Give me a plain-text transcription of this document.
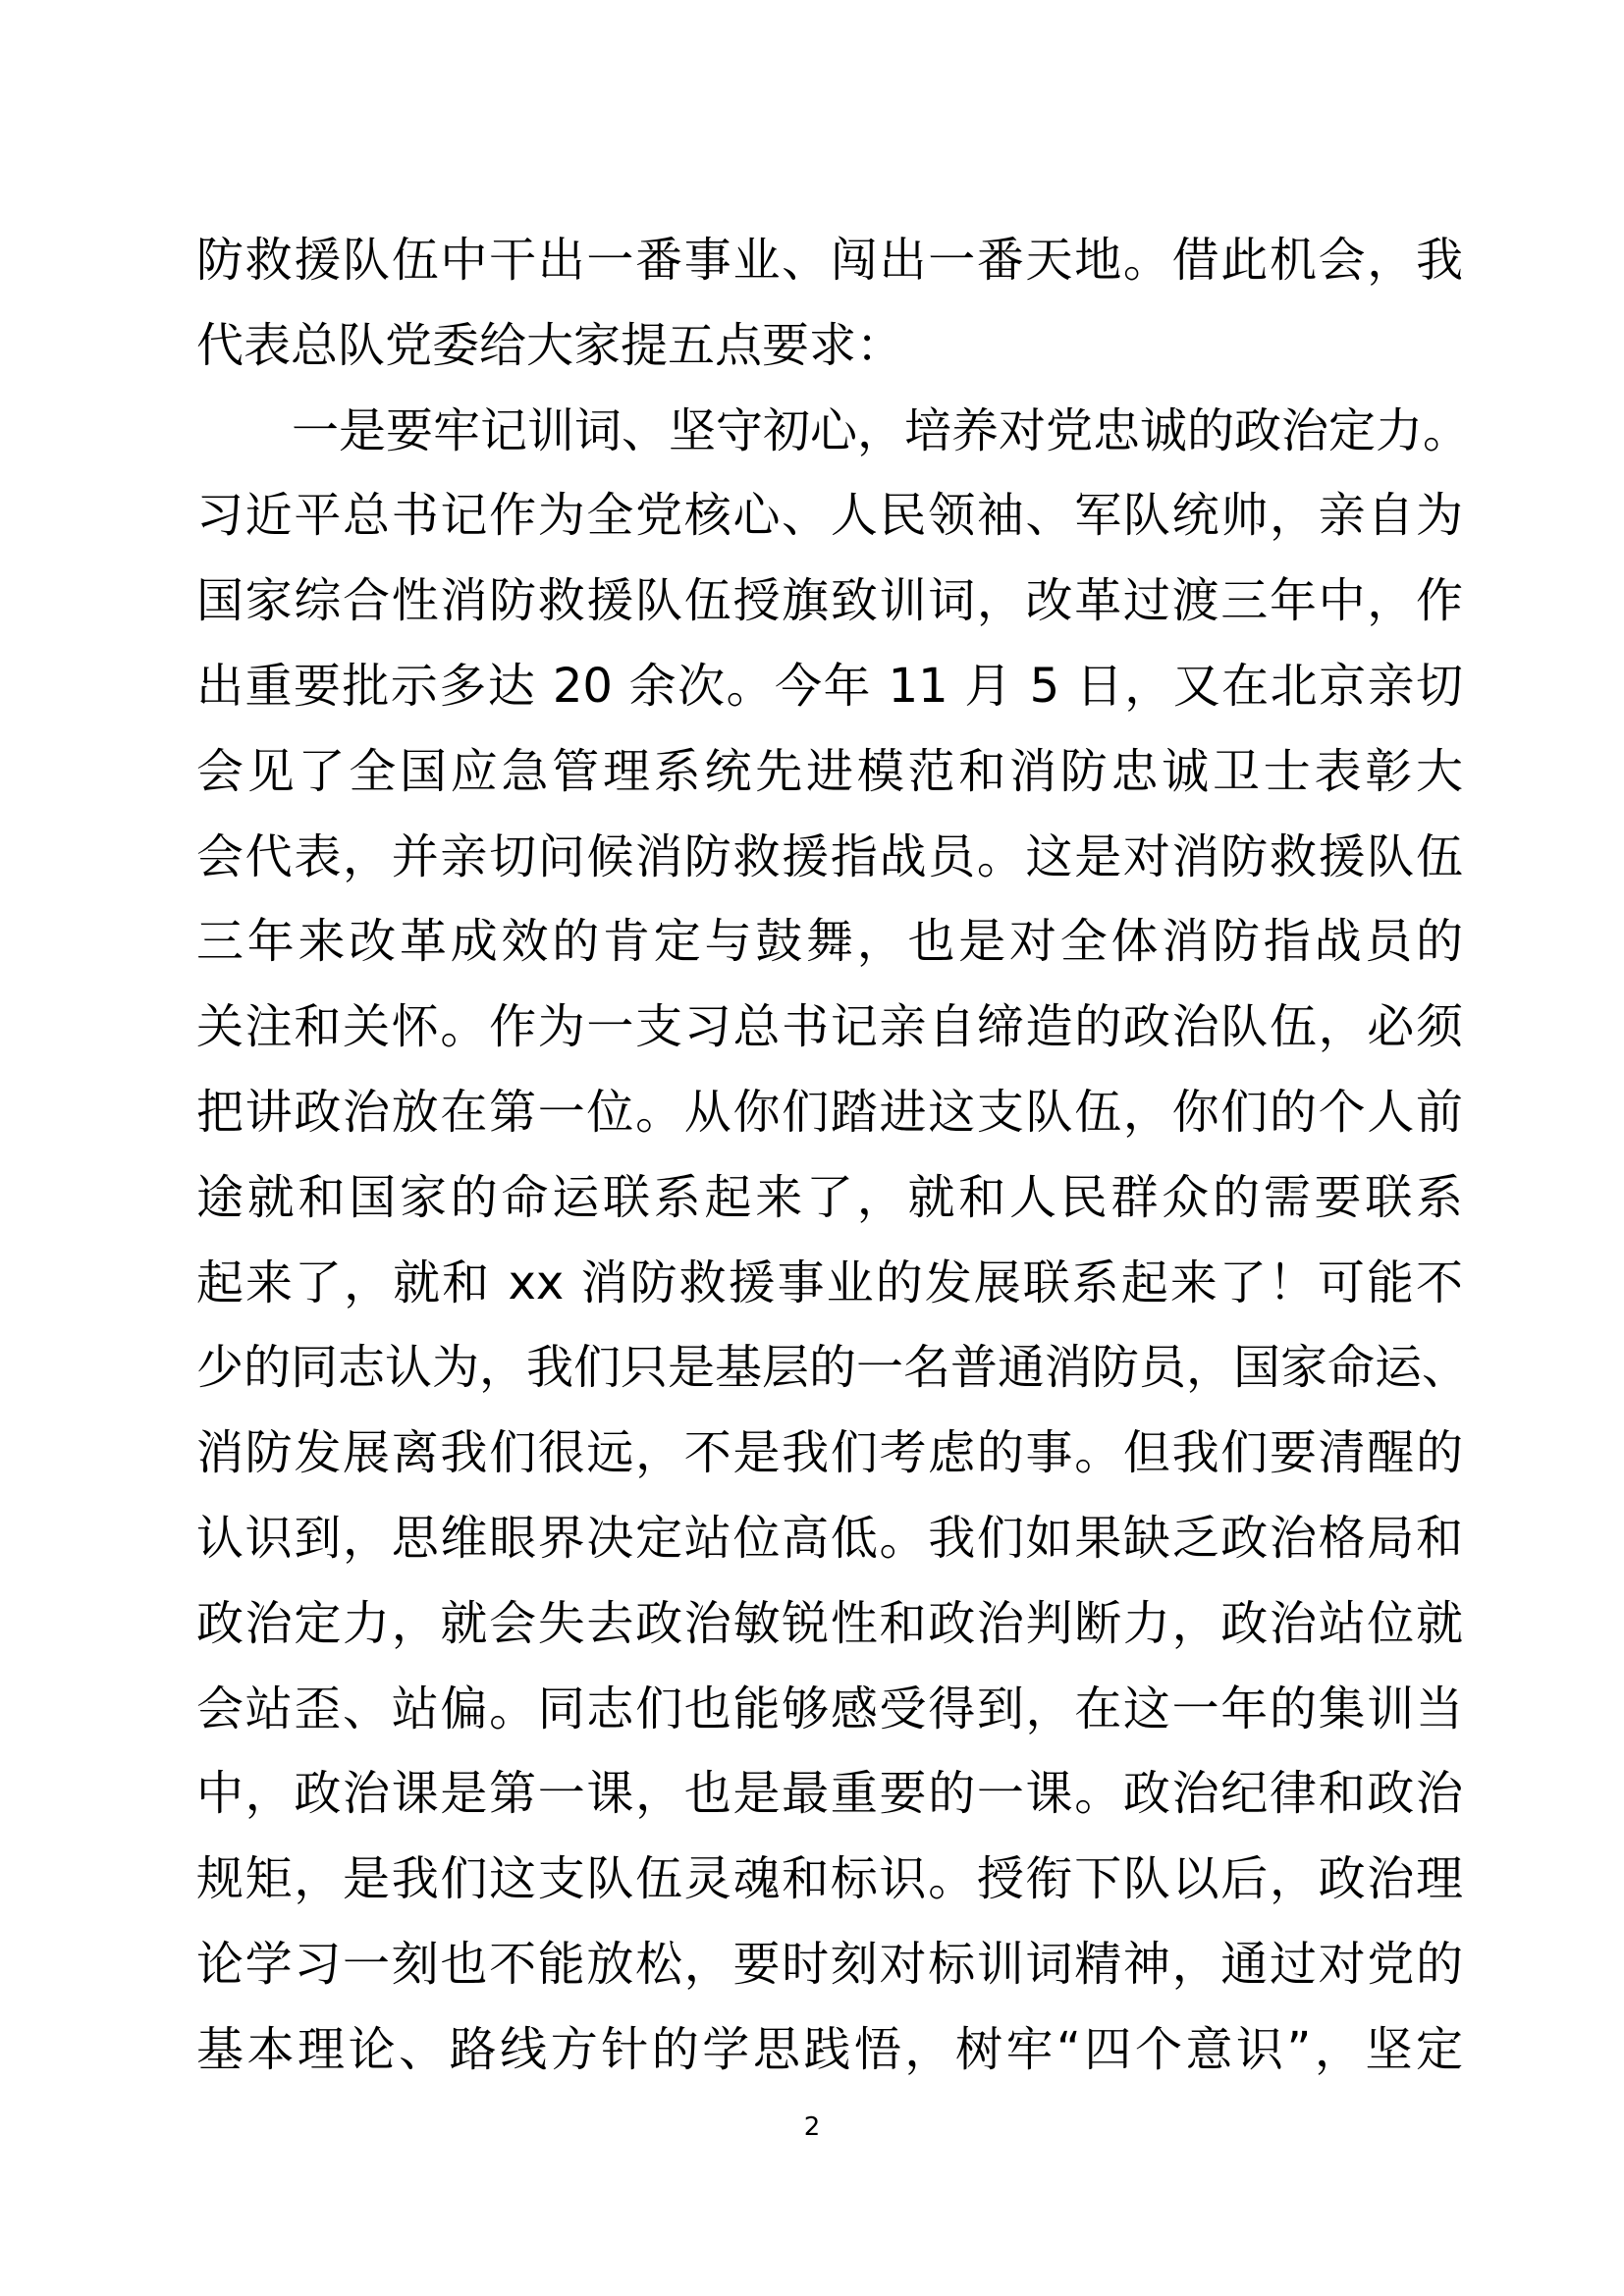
防救援队伍中干出一番事业、闯出一番天地。借此机会，我
代表总队党委给大家提五点要求：
一是要牢记训词、坚守初心，培养对党忠诚的政治定力。
习近平总书记作为全党核心、人民领袖、军队统帅，亲自为
国家综合性消防救援队伍授旗致训词，改革过渡三年中，作
出重要批示多达 20 余次。今年 11 月 5 日，又在北京亲切
会见了全国应急管理系统先进模范和消防忠诚卫士表彰大
会代表，并亲切问候消防救援指战员。这是对消防救援队伍
三年来改革成效的肯定与鼓舞，也是对全体消防指战员的
关注和关怀。作为一支习总书记亲自缔造的政治队伍，必须
把讲政治放在第一位。从你们踏进这支队伍，你们的个人前
途就和国家的命运联系起来了，就和人民群众的需要联系
起来了，就和 xx 消防救援事业的发展联系起来了！可能不
少的同志认为，我们只是基层的一名普通消防员，国家命运、
消防发展离我们很远，不是我们考虑的事。但我们要清醒的
认识到，思维眼界决定站位高低。我们如果缺乏政治格局和
政治定力，就会失去政治敏锐性和政治判断力，政治站位就
会站歪、站偏。同志们也能够感受得到，在这一年的集训当
中，政治课是第一课，也是最重要的一课。政治纪律和政治
规矩，是我们这支队伍灵魂和标识。授衔下队以后，政治理
论学习一刻也不能放松，要时刻对标训词精神，通过对党的
基本理论、路线方针的学思践悟，树牢“四个意识”，坚定
2
